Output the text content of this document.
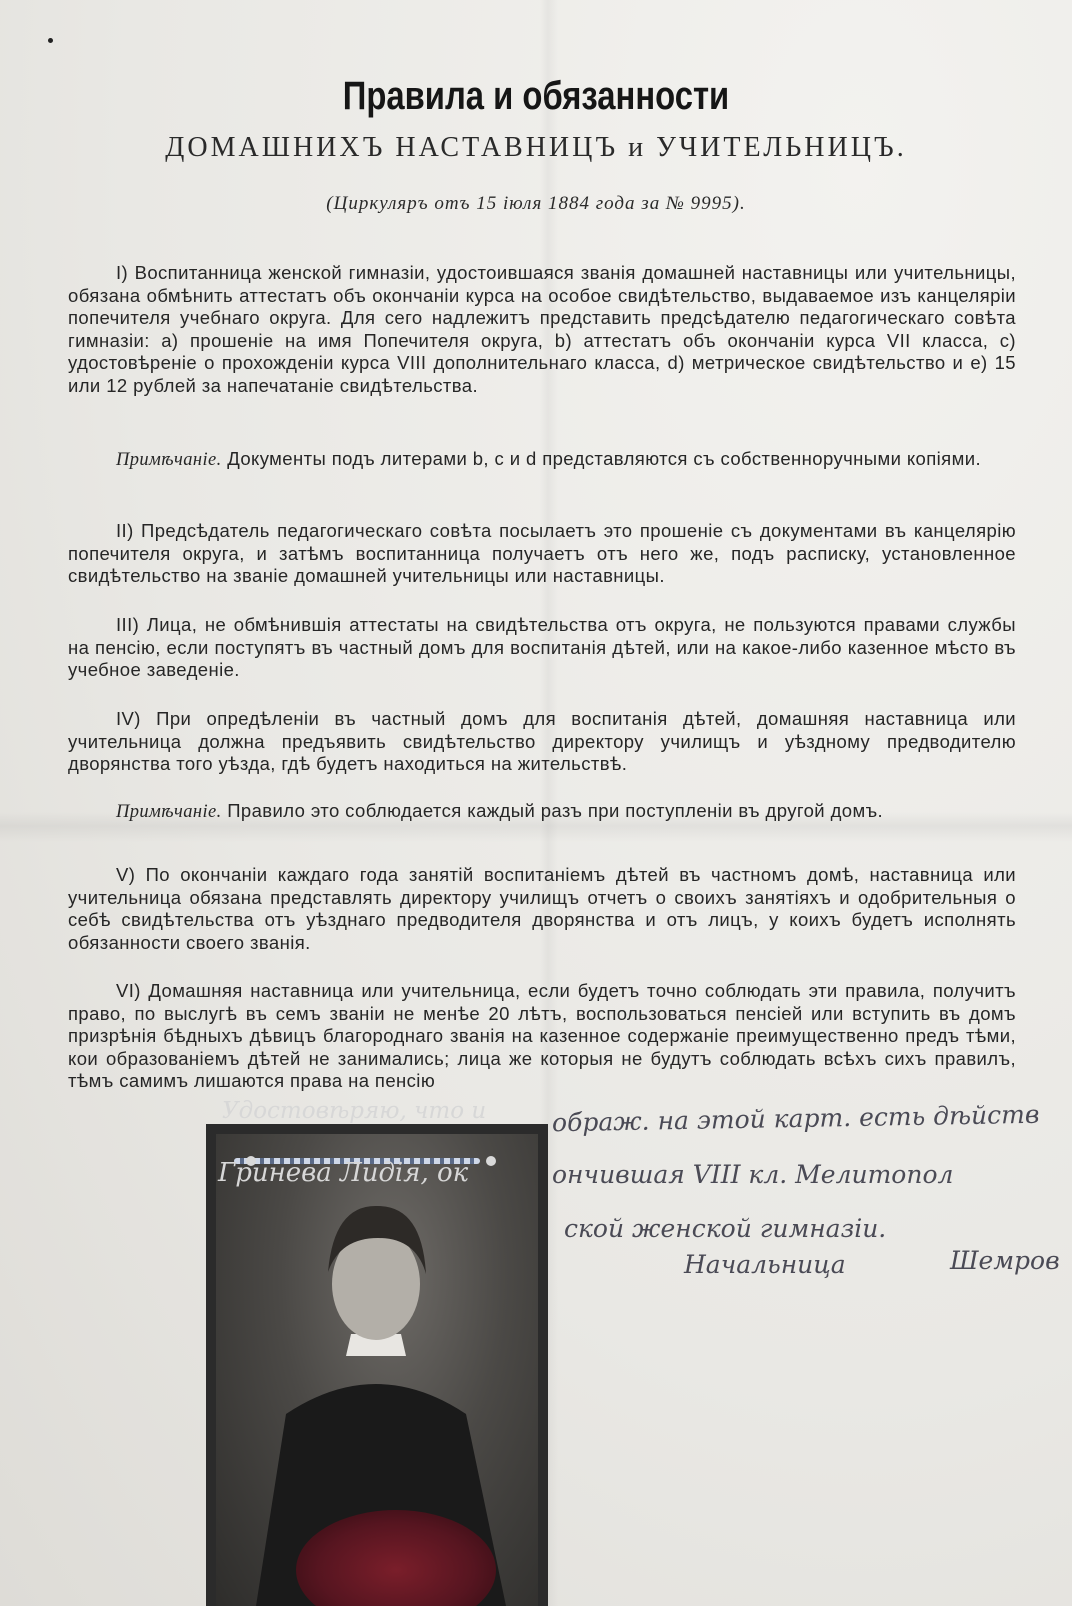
Правила и обязанности
ДОМАШНИХЪ НАСТАВНИЦЪ и УЧИТЕЛЬНИЦЪ.
(Циркуляръ отъ 15 іюля 1884 года за № 9995).

I) Воспитанница женской гимназіи, удостоившаяся званія домашней наставницы или учительницы, обязана обмѣнить аттестатъ объ окончаніи курса на особое свидѣтельство, выдаваемое изъ канцеляріи попечителя учебнаго округа. Для сего надлежитъ представить предсѣдателю педагогическаго совѣта гимназіи: а) прошеніе на имя Попечителя округа, b) аттестатъ объ окончаніи курса VII класса, с) удостовѣреніе о прохожденіи курса VIII дополнительнаго класса, d) метрическое свидѣтельство и е) 15 или 12 рублей за напечатаніе свидѣтельства.

Примѣчаніе. Документы подъ литерами b, с и d представляются съ собственноручными копіями.

II) Предсѣдатель педагогическаго совѣта посылаетъ это прошеніе съ документами въ канцелярію попечителя округа, и затѣмъ воспитанница получаетъ отъ него же, подъ расписку, установленное свидѣтельство на званіе домашней учительницы или наставницы.

III) Лица, не обмѣнившія аттестаты на свидѣтельства отъ округа, не пользуются правами службы на пенсію, если поступятъ въ частный домъ для воспитанія дѣтей, или на какое-либо казенное мѣсто въ учебное заведеніе.

IV) При опредѣленіи въ частный домъ для воспитанія дѣтей, домашняя наставница или учительница должна предъявить свидѣтельство директору училищъ и уѣздному предводителю дворянства того уѣзда, гдѣ будетъ находиться на жительствѣ.

Примѣчаніе. Правило это соблюдается каждый разъ при поступленіи въ другой домъ.

V) По окончаніи каждаго года занятій воспитаніемъ дѣтей въ частномъ домѣ, наставница или учительница обязана представлять директору училищъ отчетъ о своихъ занятіяхъ и одобрительныя о себѣ свидѣтельства отъ уѣзднаго предводителя дворянства и отъ лицъ, у коихъ будетъ исполнять обязанности своего званія.

VI) Домашняя наставница или учительница, если будетъ точно соблюдать эти правила, получитъ право, по выслугѣ въ семъ званіи не менѣе 20 лѣтъ, воспользоваться пенсіей или вступить въ домъ призрѣнія бѣдныхъ дѣвицъ благороднаго званія на казенное содержаніе преимущественно предъ тѣми, кои образованіемъ дѣтей не занимались; лица же которыя не будутъ соблюдать всѣхъ сихъ правилъ, тѣмъ самимъ лишаются права на пенсію

Удостовѣряю, что и	ображ. на этой карт. есть дѣйств
Гринева Лидія, ок	ончившая VIII кл. Мелитопол
ской женской гимназіи.
Начальница	Шемров
